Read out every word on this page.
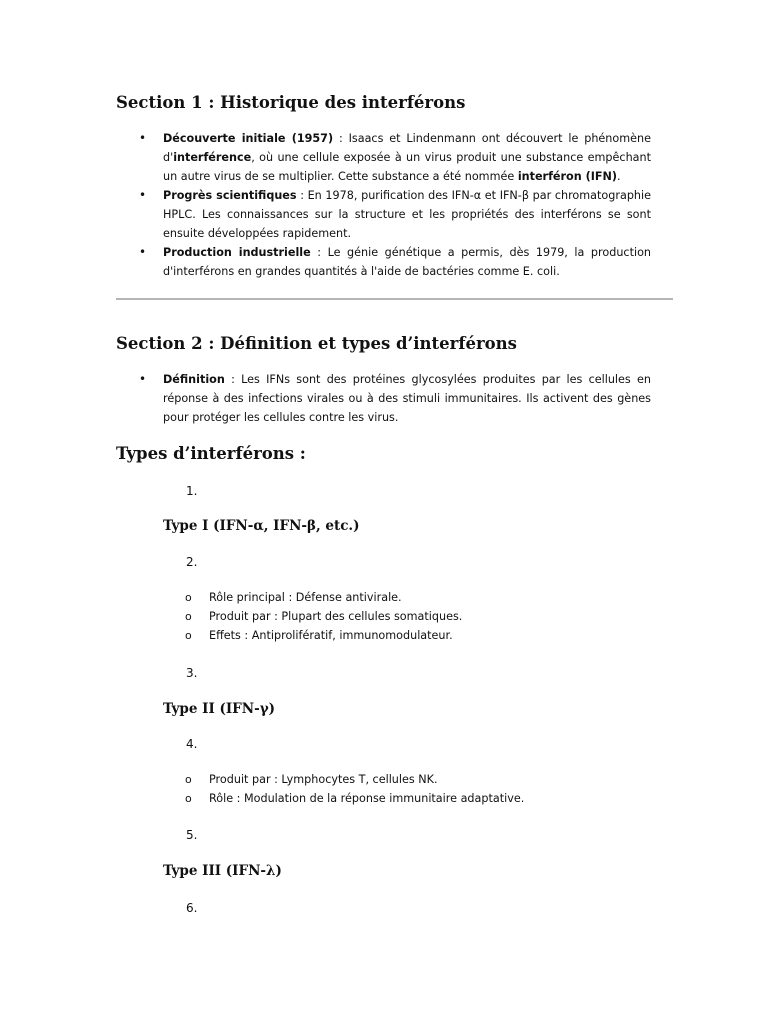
Section 1 : Historique des interférons
• Découverte initiale (1957) : Isaacs et Lindenmann ont découvert le phénomène d'interférence, où une cellule exposée à un virus produit une substance empêchant un autre virus de se multiplier. Cette substance a été nommée interféron (IFN).
• Progrès scientifiques : En 1978, purification des IFN-α et IFN-β par chromatographie HPLC. Les connaissances sur la structure et les propriétés des interférons se sont ensuite développées rapidement.
• Production industrielle : Le génie génétique a permis, dès 1979, la production d'interférons en grandes quantités à l'aide de bactéries comme E. coli.
Section 2 : Définition et types d’interférons
• Définition : Les IFNs sont des protéines glycosylées produites par les cellules en réponse à des infections virales ou à des stimuli immunitaires. Ils activent des gènes pour protéger les cellules contre les virus.
Types d’interférons :
1.
Type I (IFN-α, IFN-β, etc.)
2.
o Rôle principal : Défense antivirale.
o Produit par : Plupart des cellules somatiques.
o Effets : Antiprolifératif, immunomodulateur.
3.
Type II (IFN-γ)
4.
o Produit par : Lymphocytes T, cellules NK.
o Rôle : Modulation de la réponse immunitaire adaptative.
5.
Type III (IFN-λ)
6.
